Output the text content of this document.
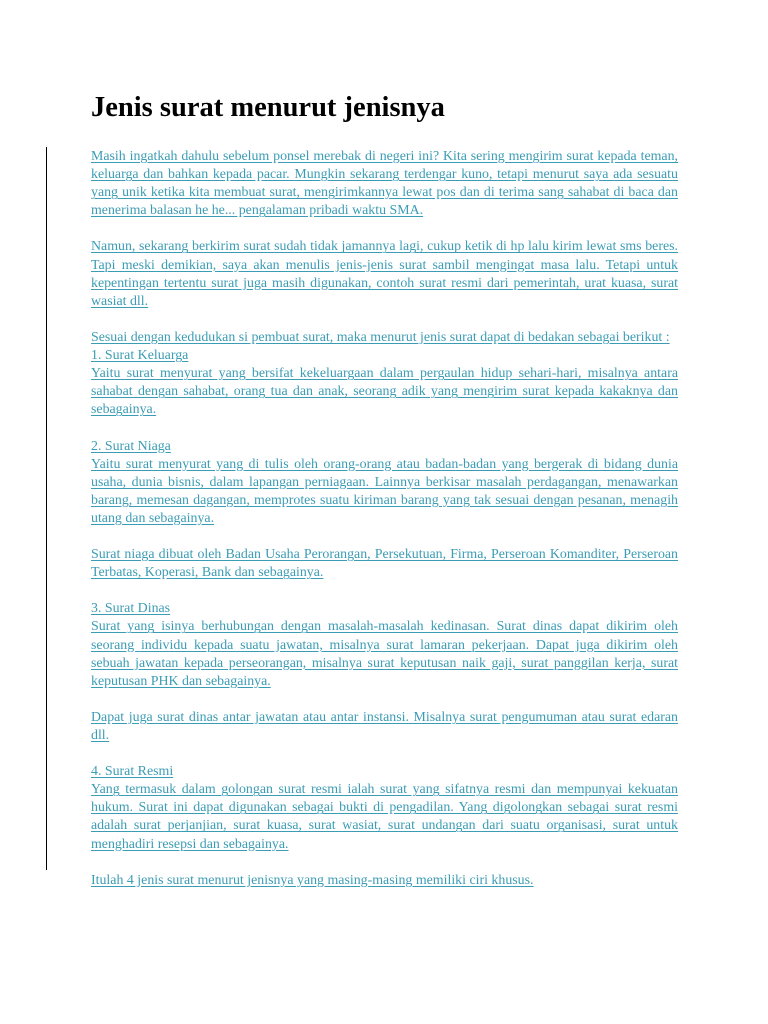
Jenis surat menurut jenisnya

Masih ingatkah dahulu sebelum ponsel merebak di negeri ini? Kita sering mengirim surat kepada teman, keluarga dan bahkan kepada pacar. Mungkin sekarang terdengar kuno, tetapi menurut saya ada sesuatu yang unik ketika kita membuat surat, mengirimkannya lewat pos dan di terima sang sahabat di baca dan menerima balasan he he... pengalaman pribadi waktu SMA.

Namun, sekarang berkirim surat sudah tidak jamannya lagi, cukup ketik di hp lalu kirim lewat sms beres. Tapi meski demikian, saya akan menulis jenis-jenis surat sambil mengingat masa lalu. Tetapi untuk kepentingan tertentu surat juga masih digunakan, contoh surat resmi dari pemerintah, urat kuasa, surat wasiat dll.

Sesuai dengan kedudukan si pembuat surat, maka menurut jenis surat dapat di bedakan sebagai berikut :
1. Surat Keluarga
Yaitu surat menyurat yang bersifat kekeluargaan dalam pergaulan hidup sehari-hari, misalnya antara sahabat dengan sahabat, orang tua dan anak, seorang adik yang mengirim surat kepada kakaknya dan sebagainya.

2. Surat Niaga
Yaitu surat menyurat yang di tulis oleh orang-orang atau badan-badan yang bergerak di bidang dunia usaha, dunia bisnis, dalam lapangan perniagaan. Lainnya berkisar masalah perdagangan, menawarkan barang, memesan dagangan, memprotes suatu kiriman barang yang tak sesuai dengan pesanan, menagih utang dan sebagainya.

Surat niaga dibuat oleh Badan Usaha Perorangan, Persekutuan, Firma, Perseroan Komanditer, Perseroan Terbatas, Koperasi, Bank dan sebagainya.

3. Surat Dinas
Surat yang isinya berhubungan dengan masalah-masalah kedinasan. Surat dinas dapat dikirim oleh seorang individu kepada suatu jawatan, misalnya surat lamaran pekerjaan. Dapat juga dikirim oleh sebuah jawatan kepada perseorangan, misalnya surat keputusan naik gaji, surat panggilan kerja, surat keputusan PHK dan sebagainya.

Dapat juga surat dinas antar jawatan atau antar instansi. Misalnya surat pengumuman atau surat edaran dll.

4. Surat Resmi
Yang termasuk dalam golongan surat resmi ialah surat yang sifatnya resmi dan mempunyai kekuatan hukum. Surat ini dapat digunakan sebagai bukti di pengadilan. Yang digolongkan sebagai surat resmi adalah surat perjanjian, surat kuasa, surat wasiat, surat undangan dari suatu organisasi, surat untuk menghadiri resepsi dan sebagainya.

Itulah 4 jenis surat menurut jenisnya yang masing-masing memiliki ciri khusus.
